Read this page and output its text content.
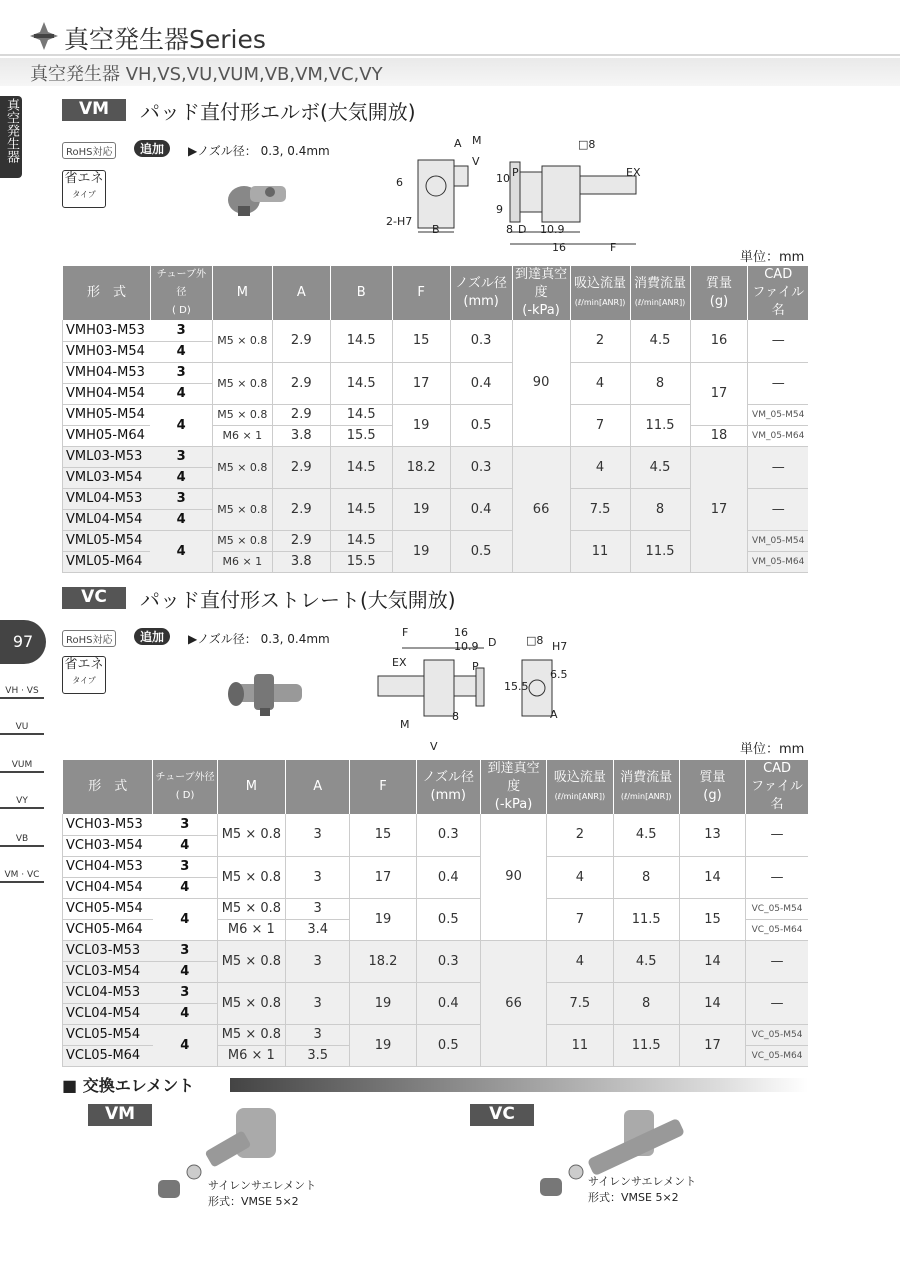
真空発生器Series
真空発生器 VH,VS,VU,VUM,VB,VM,VC,VY
真空発生器
97
VH · VS
VU
VUM
VY
VB
VM · VC
VM	パッド直付形エルボ(大気開放)
RoHS対応	追加	▶ノズル径： 0.3, 0.4mm
省エネ
タイプ
A M
V
6
2-H7
B
10
9
8 D
P	EX
□8
10.9
16	F
単位：mm
形　式	チューブ外径
( D)	M	A	B	F	ノズル径
(mm)	到達真空度
(-kPa)	吸込流量
(ℓ/min[ANR])	消費流量
(ℓ/min[ANR])	質量
(g)	CAD
ファイル名
VMH03-M53	3	M5 × 0.8	2.9	14.5	15	0.3	90	2	4.5	16	—
VMH03-M54	4										
VMH04-M53	3	M5 × 0.8	2.9	14.5	17	0.4		4	8	17	—
VMH04-M54	4										
VMH05-M54	4	M5 × 0.8	2.9	14.5	19	0.5		7	11.5		VM_05-M54
VMH05-M64		M6 × 1	3.8	15.5						18	VM_05-M64
VML03-M53	3	M5 × 0.8	2.9	14.5	18.2	0.3	66	4	4.5	17	—
VML03-M54	4										
VML04-M53	3	M5 × 0.8	2.9	14.5	19	0.4		7.5	8		—
VML04-M54	4										
VML05-M54	4	M5 × 0.8	2.9	14.5	19	0.5		11	11.5		VM_05-M54
VML05-M64		M6 × 1	3.8	15.5							VM_05-M64
VC	パッド直付形ストレート(大気開放)
RoHS対応	追加	▶ノズル径： 0.3, 0.4mm
省エネ
タイプ
F	16
10.9 D	□8 H7
EX	P
15.5
6.5
A
8
M
V	単位：mm
形　式	チューブ外径
( D)	M	A	F	ノズル径
(mm)	到達真空度
(-kPa)	吸込流量
(ℓ/min[ANR])	消費流量
(ℓ/min[ANR])	質量
(g)	CAD
ファイル名
VCH03-M53	3	M5 × 0.8	3	15	0.3	90	2	4.5	13	—
VCH03-M54	4									
VCH04-M53	3	M5 × 0.8	3	17	0.4		4	8	14	—
VCH04-M54	4									
VCH05-M54	4	M5 × 0.8	3	19	0.5		7	11.5	15	VC_05-M54
VCH05-M64		M6 × 1	3.4							VC_05-M64
VCL03-M53	3	M5 × 0.8	3	18.2	0.3	66	4	4.5	14	—
VCL03-M54	4									
VCL04-M53	3	M5 × 0.8	3	19	0.4		7.5	8	14	—
VCL04-M54	4									
VCL05-M54	4	M5 × 0.8	3	19	0.5		11	11.5	17	VC_05-M54
VCL05-M64		M6 × 1	3.5							VC_05-M64
■ 交換エレメント
VM	VC
サイレンサエレメント
形式：VMSE 5×2
サイレンサエレメント
形式：VMSE 5×2
